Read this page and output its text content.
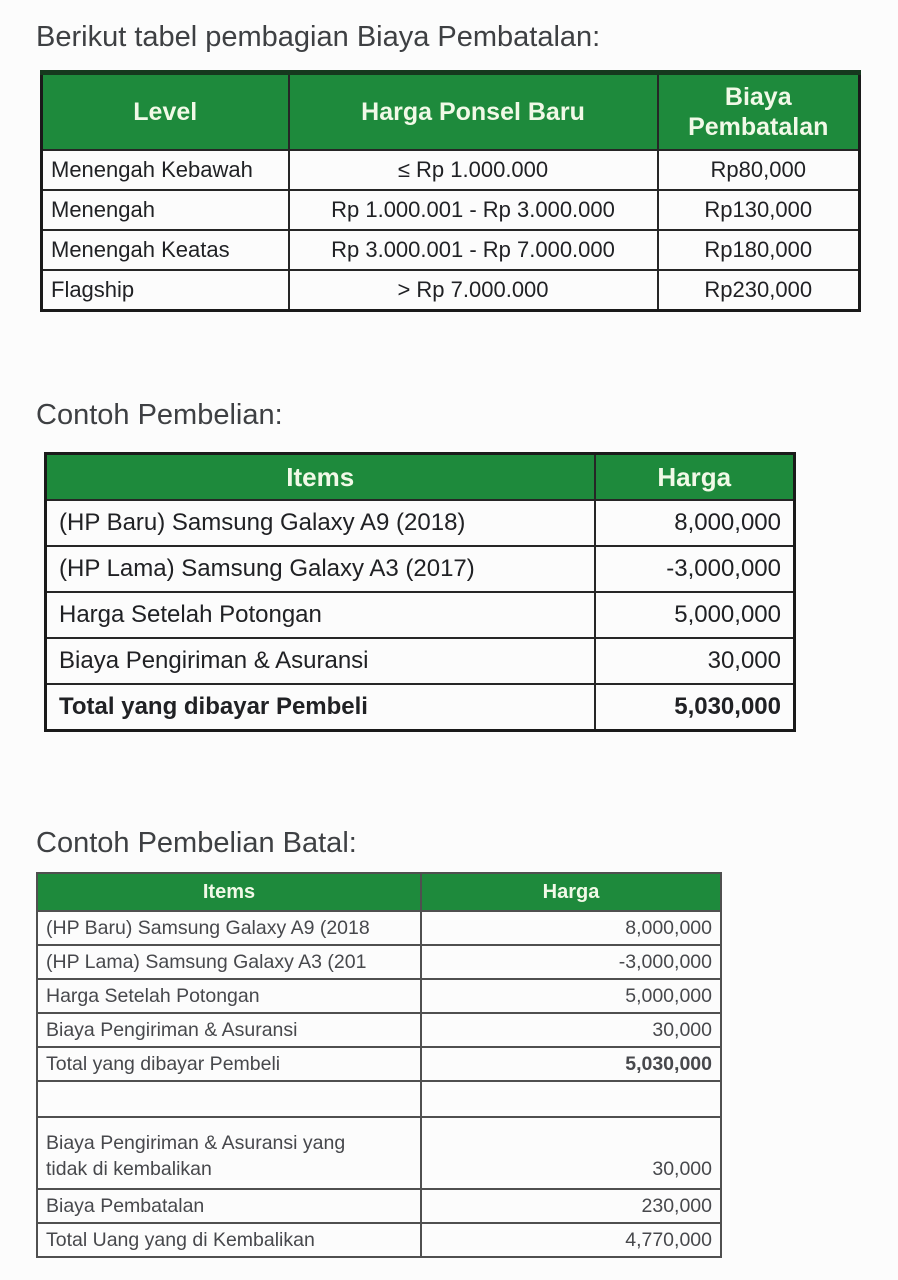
Berikut tabel pembagian Biaya Pembatalan:
Level	Harga Ponsel Baru	Biaya Pembatalan
Menengah Kebawah	≤ Rp 1.000.000	Rp80,000
Menengah	Rp 1.000.001 - Rp 3.000.000	Rp130,000
Menengah Keatas	Rp 3.000.001 - Rp 7.000.000	Rp180,000
Flagship	> Rp 7.000.000	Rp230,000
Contoh Pembelian:
Items	Harga
(HP Baru) Samsung Galaxy A9 (2018)	8,000,000
(HP Lama) Samsung Galaxy A3 (2017)	-3,000,000
Harga Setelah Potongan	5,000,000
Biaya Pengiriman & Asuransi	30,000
Total yang dibayar Pembeli	5,030,000
Contoh Pembelian Batal:
Items	Harga
(HP Baru) Samsung Galaxy A9 (2018	8,000,000
(HP Lama) Samsung Galaxy A3 (201	-3,000,000
Harga Setelah Potongan	5,000,000
Biaya Pengiriman & Asuransi	30,000
Total yang dibayar Pembeli	5,030,000

Biaya Pengiriman & Asuransi yang tidak di kembalikan	30,000
Biaya Pembatalan	230,000
Total Uang yang di Kembalikan	4,770,000
